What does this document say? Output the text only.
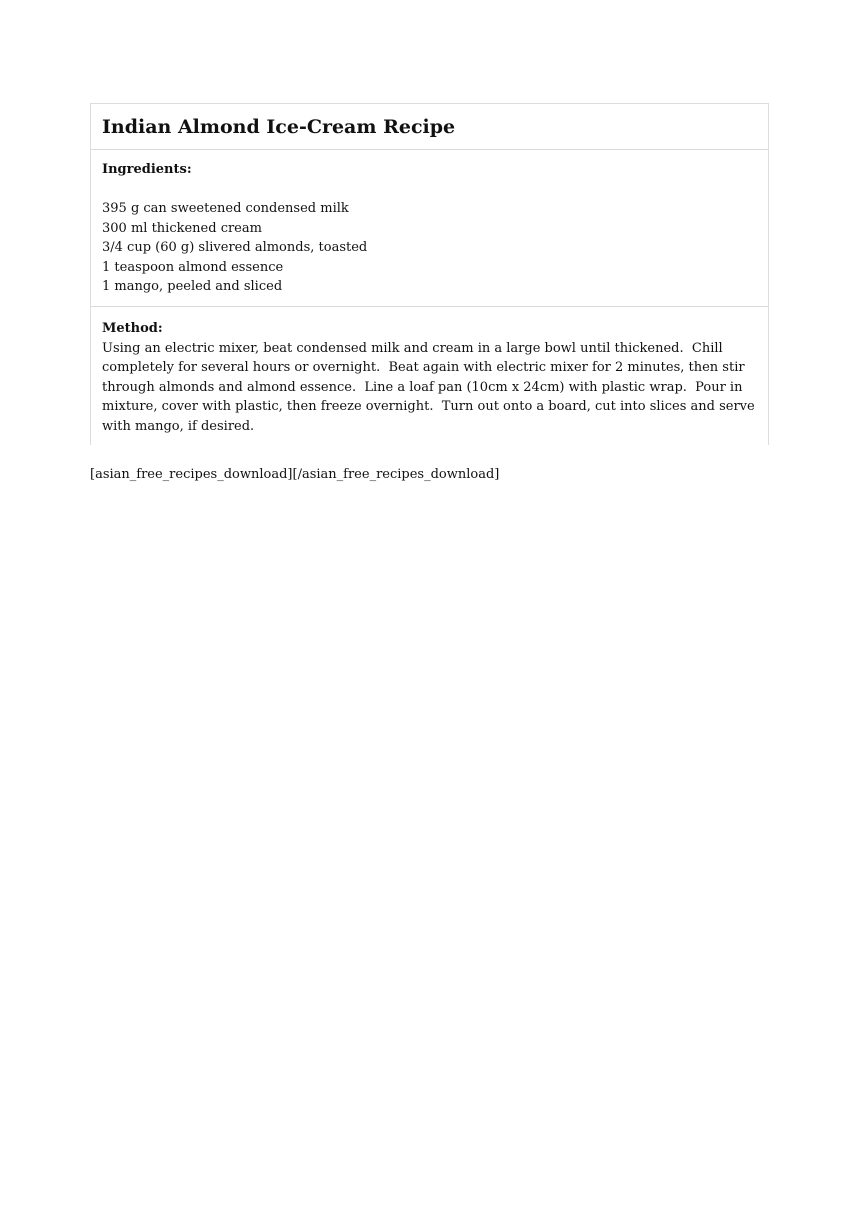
Indian Almond Ice-Cream Recipe

Ingredients:

395 g can sweetened condensed milk
300 ml thickened cream
3/4 cup (60 g) slivered almonds, toasted
1 teaspoon almond essence
1 mango, peeled and sliced

Method:

Using an electric mixer, beat condensed milk and cream in a large bowl until thickened.  Chill completely for several hours or overnight.  Beat again with electric mixer for 2 minutes, then stir through almonds and almond essence.  Line a loaf pan (10cm x 24cm) with plastic wrap.  Pour in mixture, cover with plastic, then freeze overnight.  Turn out onto a board, cut into slices and serve with mango, if desired.

[asian_free_recipes_download][/asian_free_recipes_download]
